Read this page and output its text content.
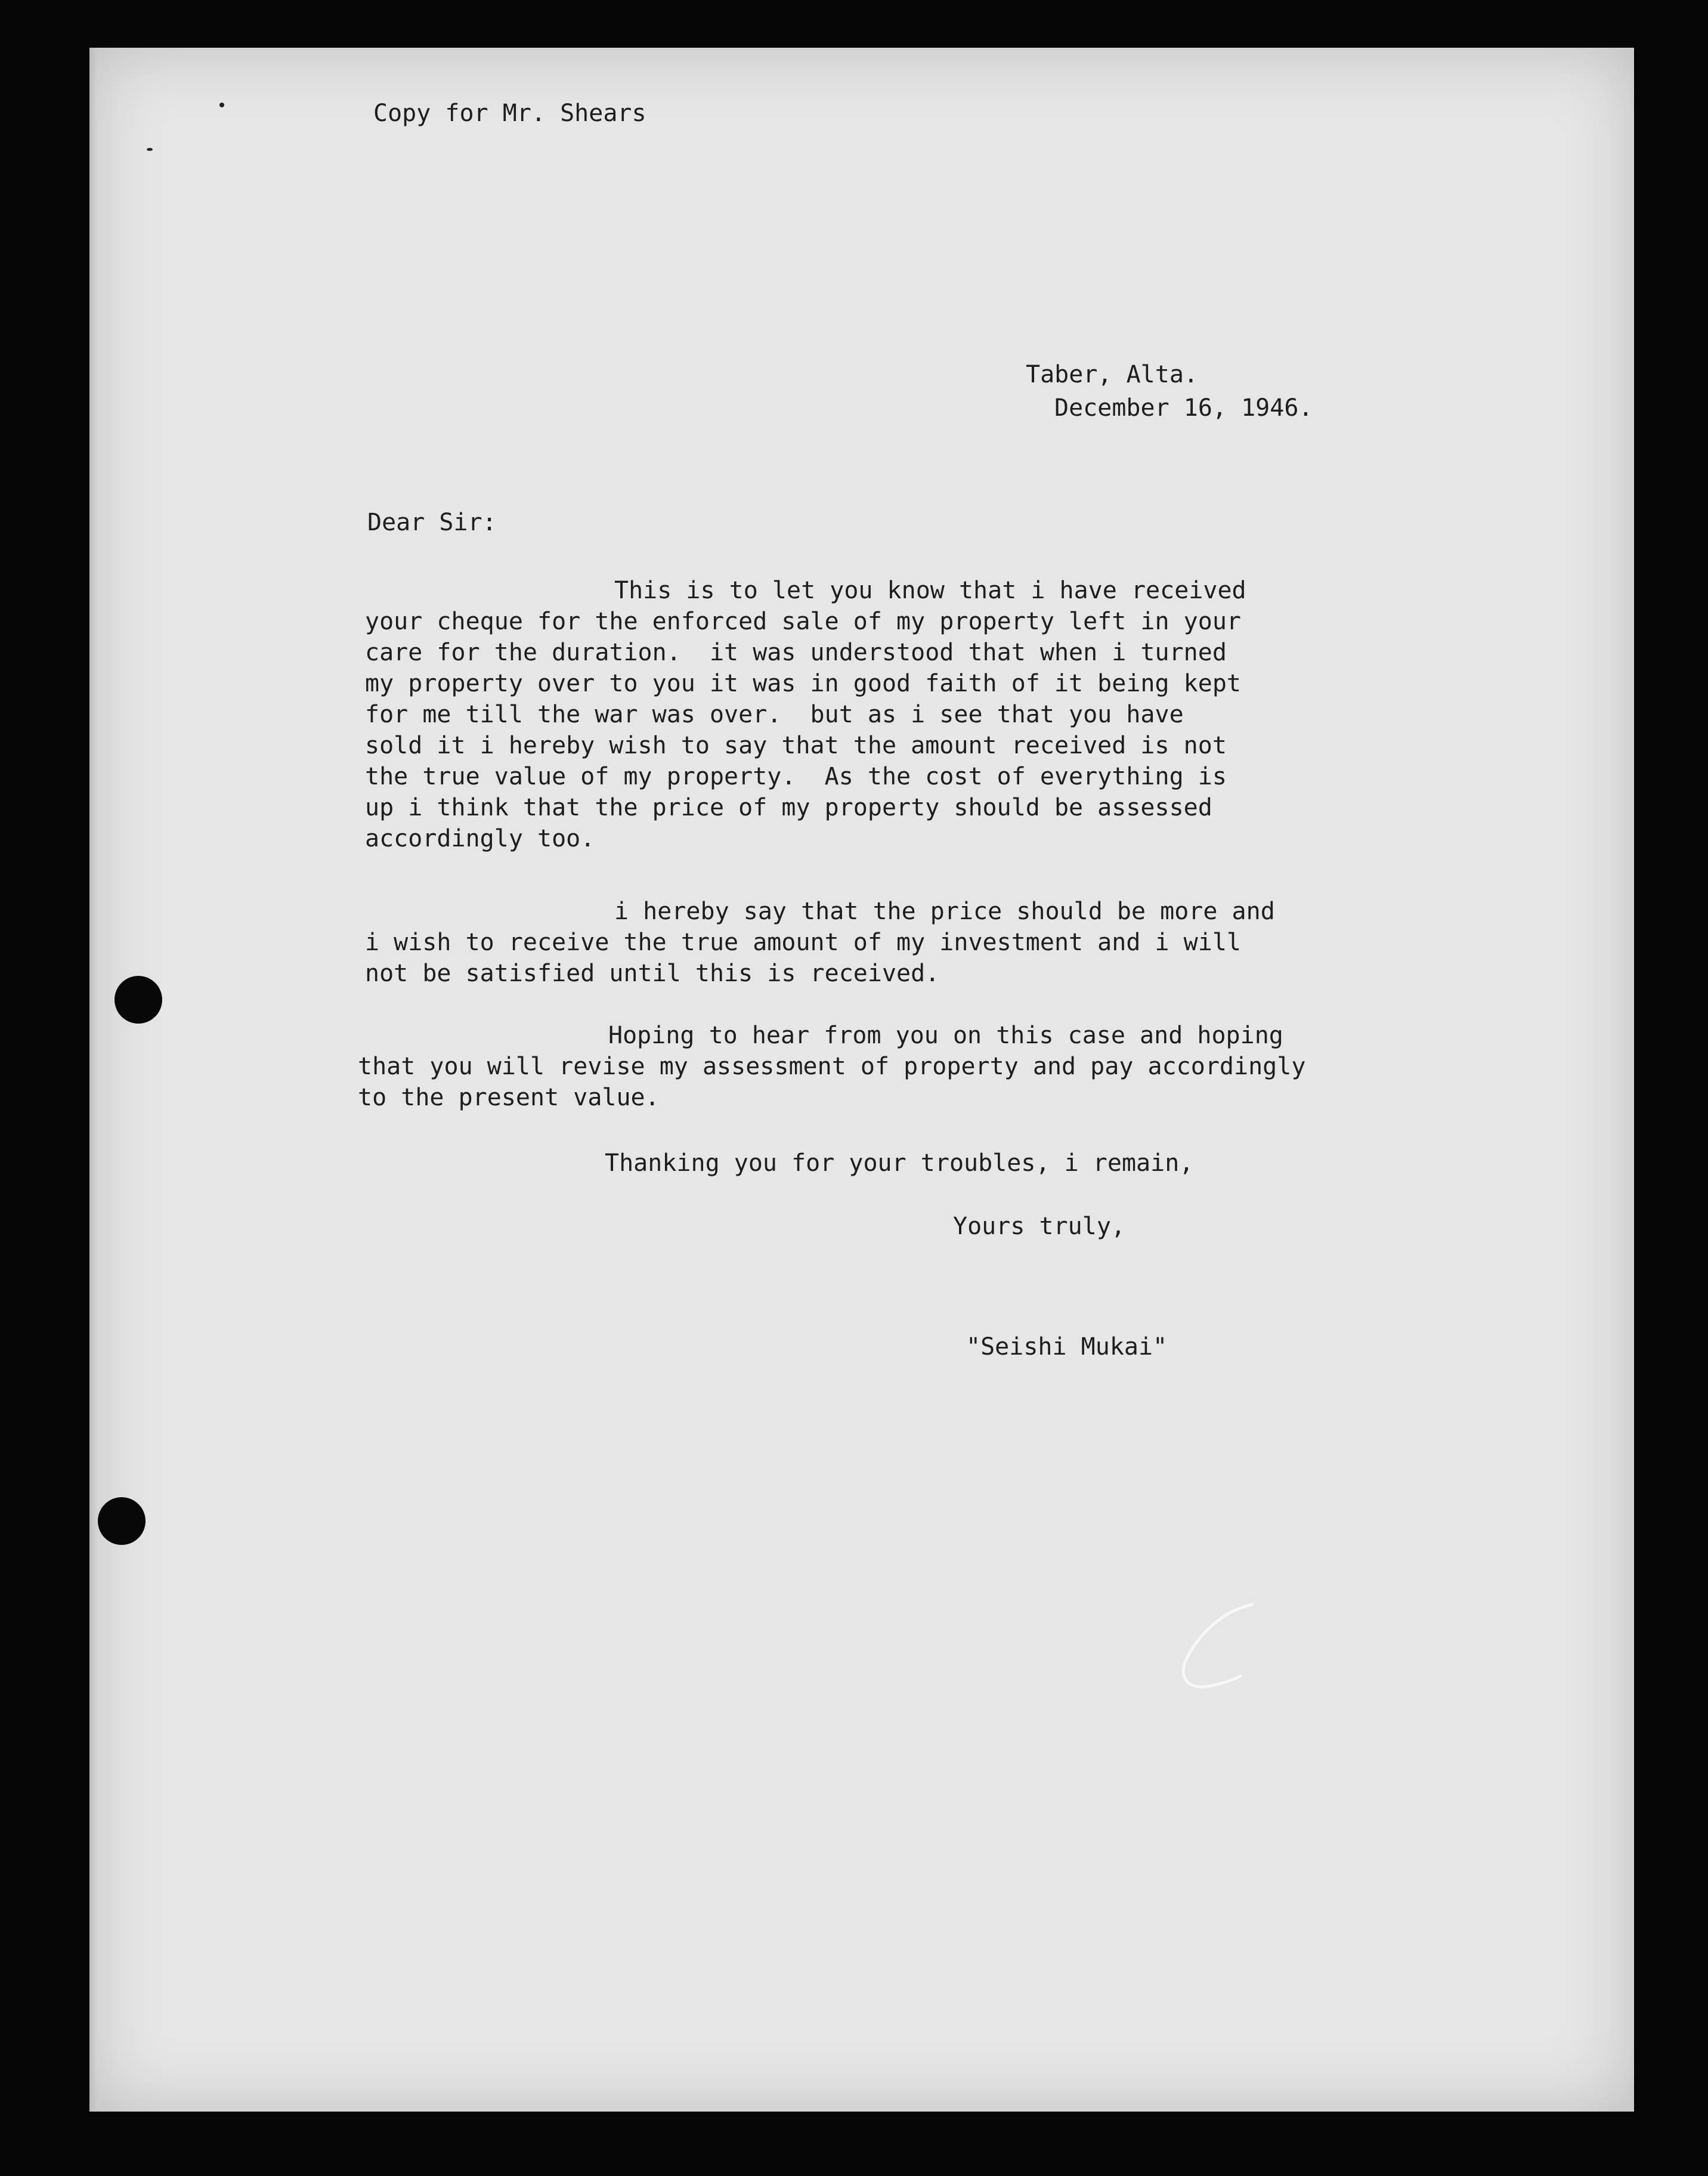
Copy for Mr. Shears
Taber, Alta.
December 16, 1946.
Dear Sir:
This is to let you know that i have received
your cheque for the enforced sale of my property left in your
care for the duration.  it was understood that when i turned
my property over to you it was in good faith of it being kept
for me till the war was over.  but as i see that you have
sold it i hereby wish to say that the amount received is not
the true value of my property.  As the cost of everything is
up i think that the price of my property should be assessed
accordingly too.
i hereby say that the price should be more and
i wish to receive the true amount of my investment and i will
not be satisfied until this is received.
Hoping to hear from you on this case and hoping
that you will revise my assessment of property and pay accordingly
to the present value.
Thanking you for your troubles, i remain,
Yours truly,
"Seishi Mukai"
